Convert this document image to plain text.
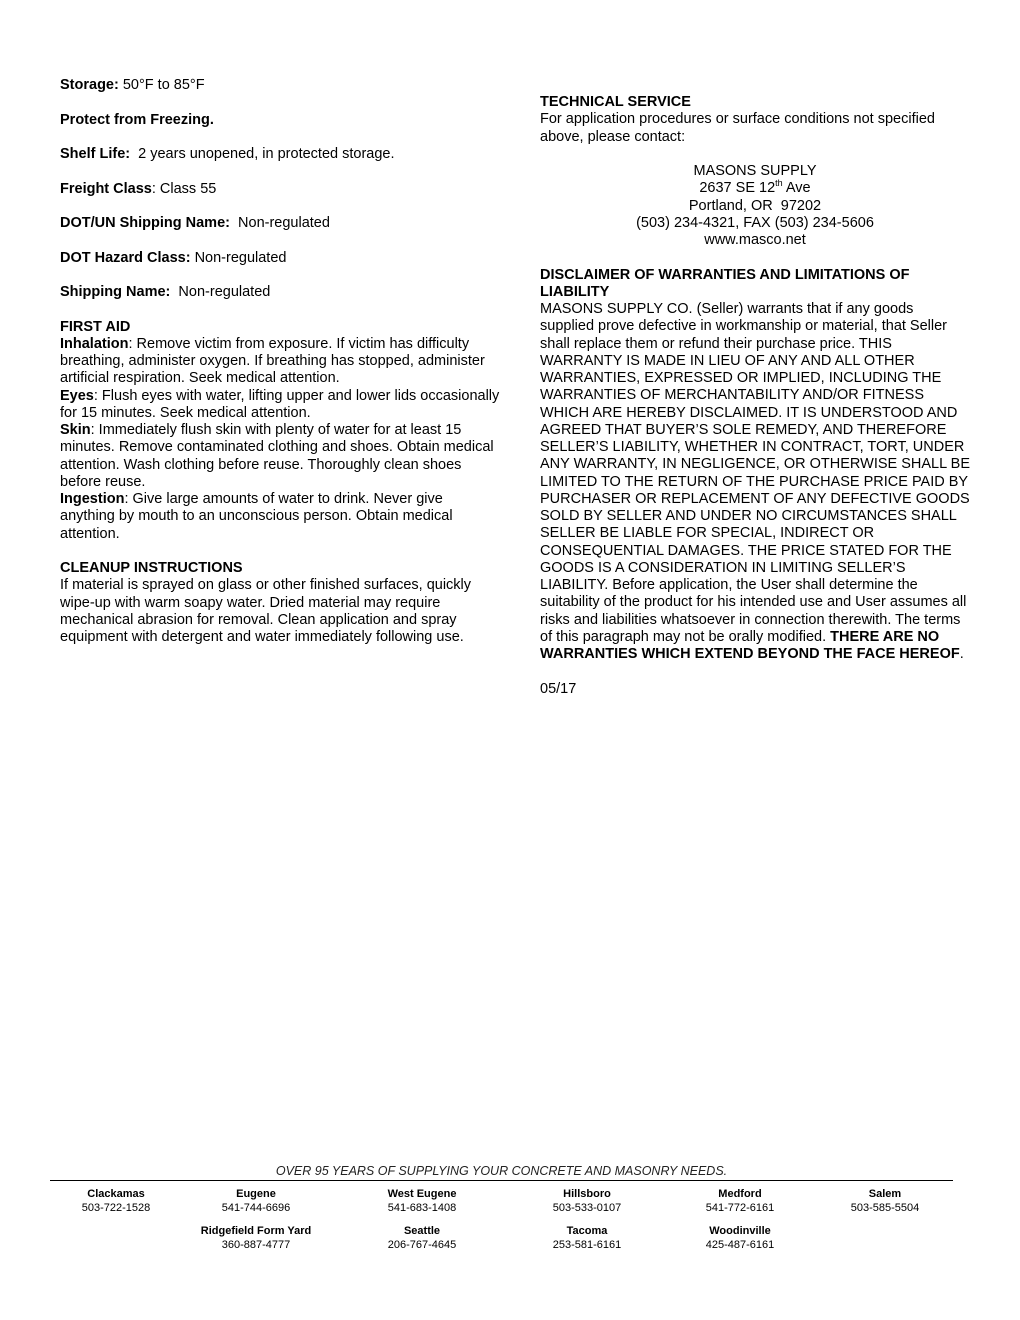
Storage: 50°F to 85°F

Protect from Freezing.

Shelf Life:  2 years unopened, in protected storage.

Freight Class: Class 55

DOT/UN Shipping Name:  Non-regulated

DOT Hazard Class: Non-regulated

Shipping Name:  Non-regulated

FIRST AID

Inhalation: Remove victim from exposure. If victim has difficulty breathing, administer oxygen. If breathing has stopped, administer artificial respiration. Seek medical attention.

Eyes: Flush eyes with water, lifting upper and lower lids occasionally for 15 minutes. Seek medical attention.

Skin: Immediately flush skin with plenty of water for at least 15 minutes. Remove contaminated clothing and shoes. Obtain medical attention. Wash clothing before reuse. Thoroughly clean shoes before reuse.

Ingestion: Give large amounts of water to drink. Never give anything by mouth to an unconscious person. Obtain medical attention.

CLEANUP INSTRUCTIONS

If material is sprayed on glass or other finished surfaces, quickly wipe-up with warm soapy water. Dried material may require mechanical abrasion for removal. Clean application and spray equipment with detergent and water immediately following use.

TECHNICAL SERVICE

For application procedures or surface conditions not specified above, please contact:

MASONS SUPPLY

2637 SE 12th Ave

Portland, OR  97202

(503) 234-4321, FAX (503) 234-5606

www.masco.net

DISCLAIMER OF WARRANTIES AND LIMITATIONS OF LIABILITY

MASONS SUPPLY CO. (Seller) warrants that if any goods supplied prove defective in workmanship or material, that Seller shall replace them or refund their purchase price. THIS WARRANTY IS MADE IN LIEU OF ANY AND ALL OTHER WARRANTIES, EXPRESSED OR IMPLIED, INCLUDING THE WARRANTIES OF MERCHANTABILITY AND/OR FITNESS WHICH ARE HEREBY DISCLAIMED. IT IS UNDERSTOOD AND AGREED THAT BUYER’S SOLE REMEDY, AND THEREFORE SELLER’S LIABILITY, WHETHER IN CONTRACT, TORT, UNDER ANY WARRANTY, IN NEGLIGENCE, OR OTHERWISE SHALL BE LIMITED TO THE RETURN OF THE PURCHASE PRICE PAID BY PURCHASER OR REPLACEMENT OF ANY DEFECTIVE GOODS SOLD BY SELLER AND UNDER NO CIRCUMSTANCES SHALL SELLER BE LIABLE FOR SPECIAL, INDIRECT OR CONSEQUENTIAL DAMAGES. THE PRICE STATED FOR THE GOODS IS A CONSIDERATION IN LIMITING SELLER’S LIABILITY. Before application, the User shall determine the suitability of the product for his intended use and User assumes all risks and liabilities whatsoever in connection therewith. The terms of this paragraph may not be orally modified. THERE ARE NO WARRANTIES WHICH EXTEND BEYOND THE FACE HEREOF.

05/17

OVER 95 YEARS OF SUPPLYING YOUR CONCRETE AND MASONRY NEEDS.
Clackamas
503-722-1528
Eugene
541-744-6696
West Eugene
541-683-1408
Hillsboro
503-533-0107
Medford
541-772-6161
Salem
503-585-5504
Ridgefield Form Yard
360-887-4777
Seattle
206-767-4645
Tacoma
253-581-6161
Woodinville
425-487-6161
